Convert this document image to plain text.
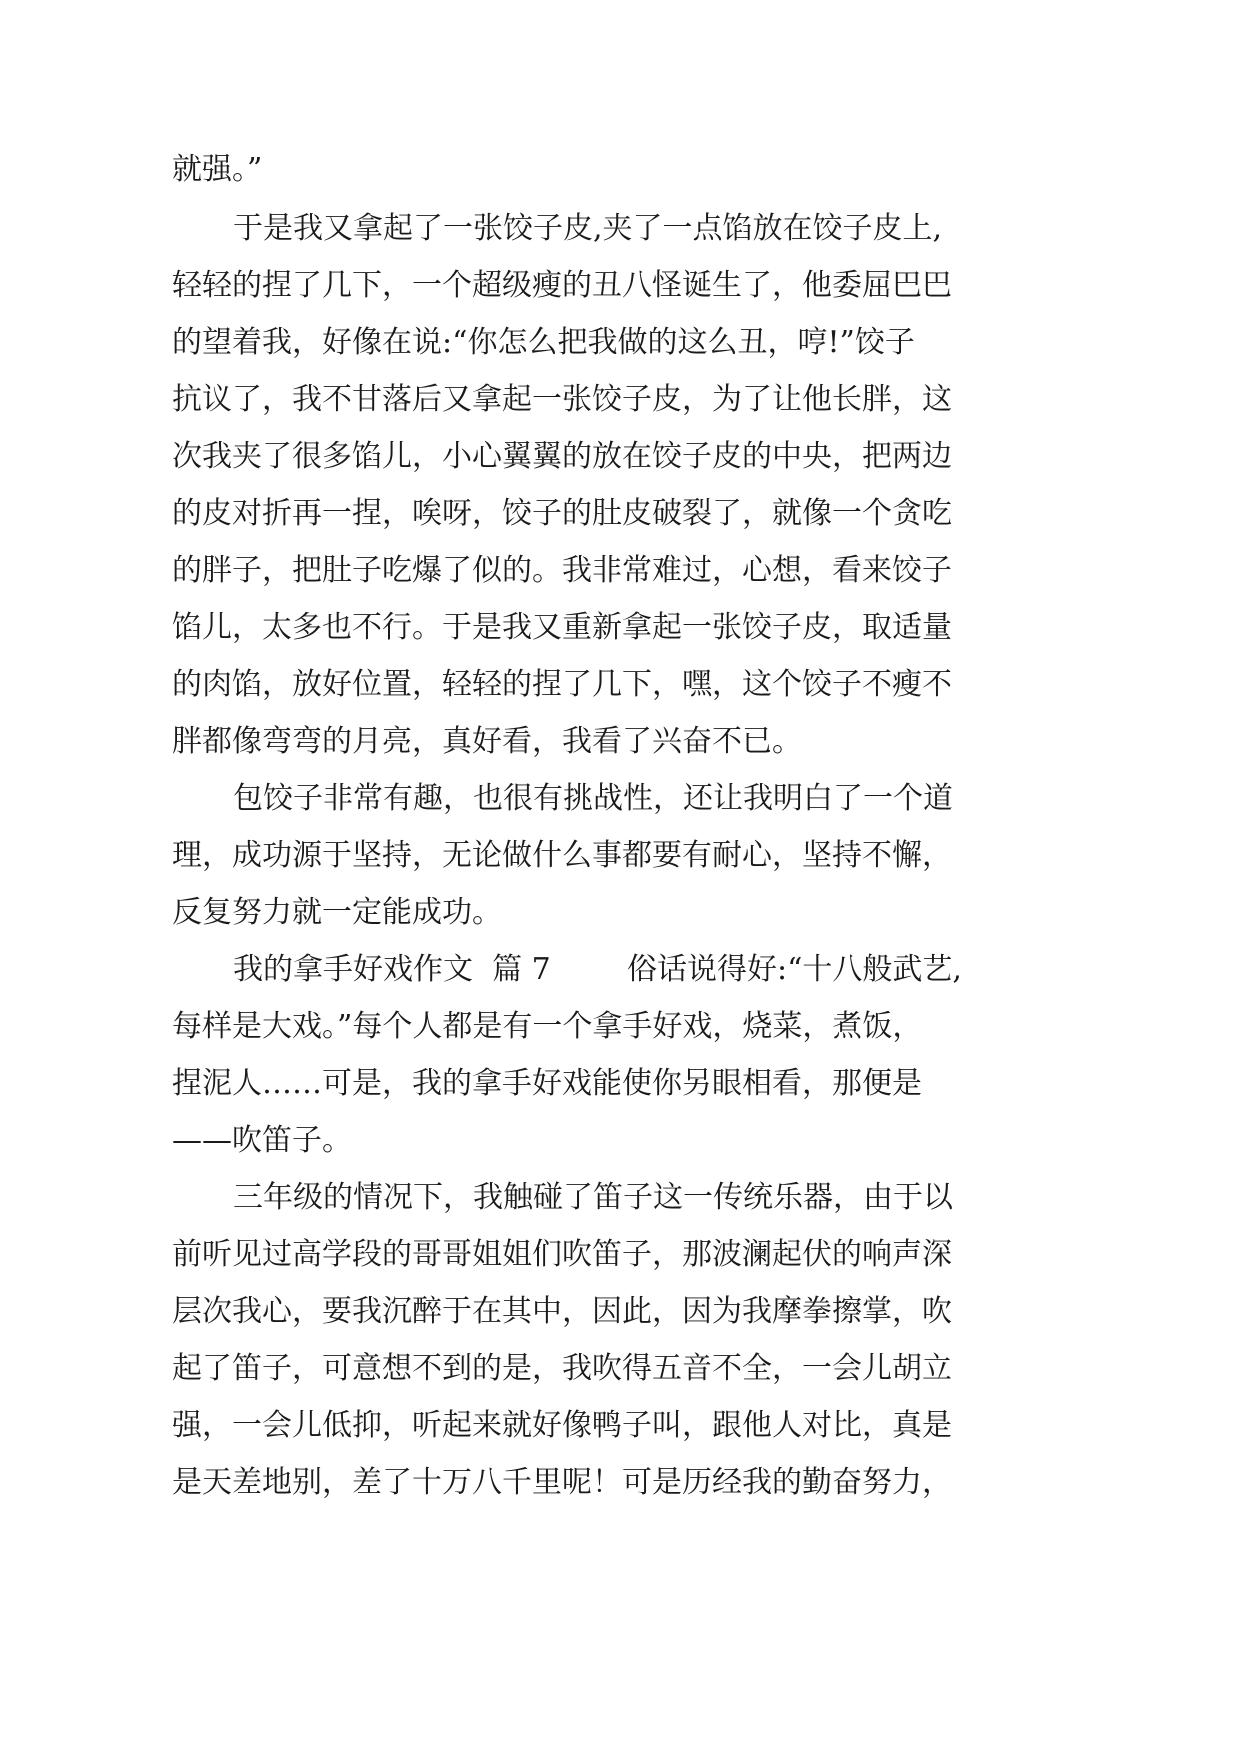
就强。”
于是我又拿起了一张饺子皮,夹了一点馅放在饺子皮上,
轻轻的捏了几下，一个超级瘦的丑八怪诞生了，他委屈巴巴
的望着我，好像在说:“你怎么把我做的这么丑，哼!”饺子
抗议了，我不甘落后又拿起一张饺子皮，为了让他长胖，这
次我夹了很多馅儿，小心翼翼的放在饺子皮的中央，把两边
的皮对折再一捏，唉呀，饺子的肚皮破裂了，就像一个贪吃
的胖子，把肚子吃爆了似的。我非常难过，心想，看来饺子
馅儿，太多也不行。于是我又重新拿起一张饺子皮，取适量
的肉馅，放好位置，轻轻的捏了几下，嘿，这个饺子不瘦不
胖都像弯弯的月亮，真好看，我看了兴奋不已。
包饺子非常有趣，也很有挑战性，还让我明白了一个道
理，成功源于坚持，无论做什么事都要有耐心，坚持不懈，
反复努力就一定能成功。
我的拿手好戏作文  篇 7        俗话说得好:“十八般武艺,
每样是大戏。”每个人都是有一个拿手好戏，烧菜，煮饭，
捏泥人……可是，我的拿手好戏能使你另眼相看，那便是
——吹笛子。
三年级的情况下，我触碰了笛子这一传统乐器，由于以
前听见过高学段的哥哥姐姐们吹笛子，那波澜起伏的响声深
层次我心，要我沉醉于在其中，因此，因为我摩拳擦掌，吹
起了笛子，可意想不到的是，我吹得五音不全，一会儿胡立
强，一会儿低抑，听起来就好像鸭子叫，跟他人对比，真是
是天差地别，差了十万八千里呢！可是历经我的勤奋努力，
